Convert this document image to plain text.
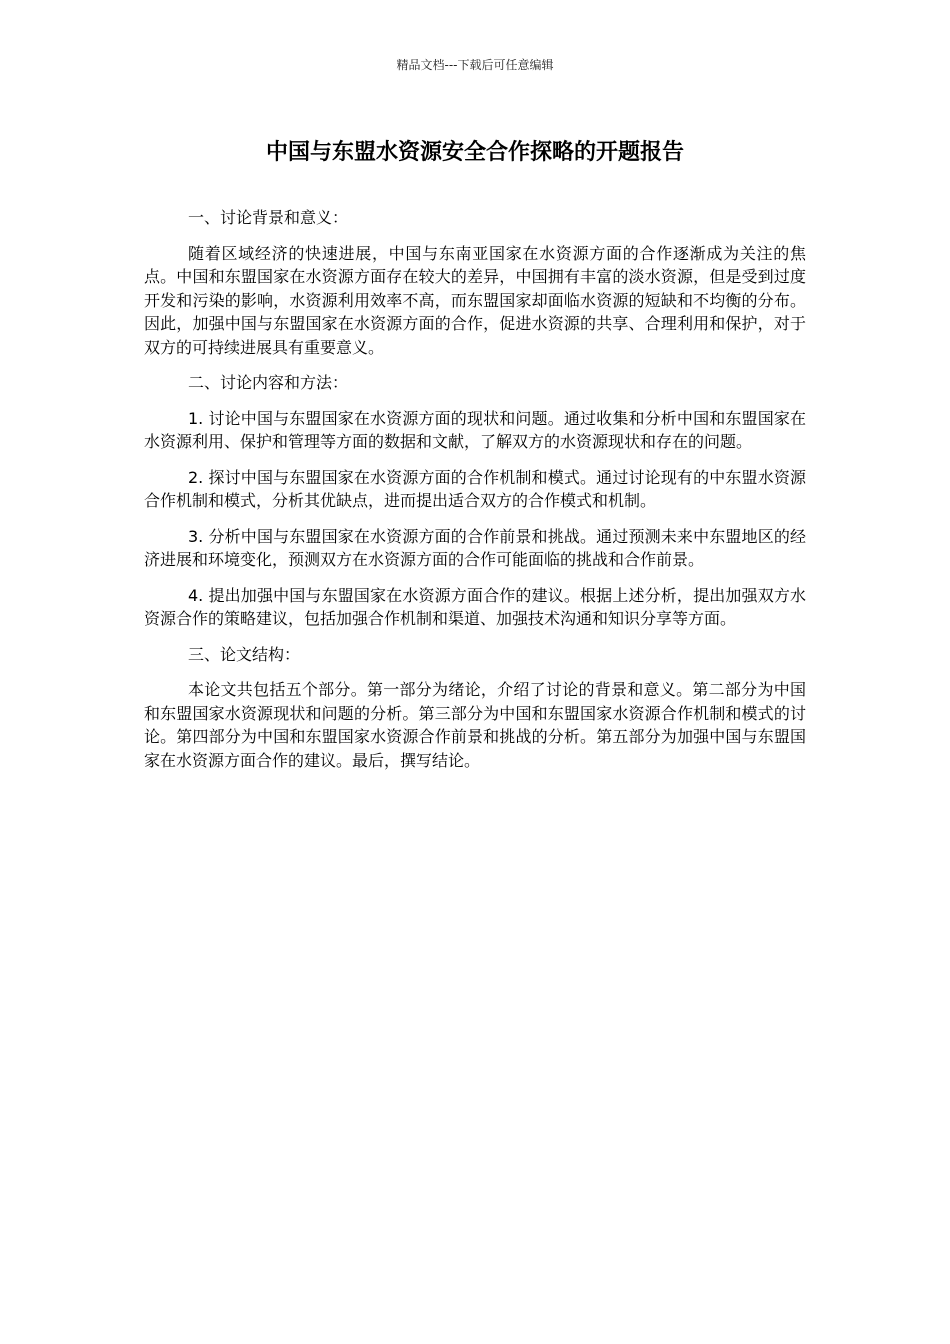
精品文档---下载后可任意编辑
中国与东盟水资源安全合作探略的开题报告

一、讨论背景和意义：

随着区域经济的快速进展，中国与东南亚国家在水资源方面的合作逐渐成为关注的焦点。中国和东盟国家在水资源方面存在较大的差异，中国拥有丰富的淡水资源，但是受到过度开发和污染的影响，水资源利用效率不高，而东盟国家却面临水资源的短缺和不均衡的分布。因此，加强中国与东盟国家在水资源方面的合作，促进水资源的共享、合理利用和保护，对于双方的可持续进展具有重要意义。

二、讨论内容和方法：

1. 讨论中国与东盟国家在水资源方面的现状和问题。通过收集和分析中国和东盟国家在水资源利用、保护和管理等方面的数据和文献，了解双方的水资源现状和存在的问题。

2. 探讨中国与东盟国家在水资源方面的合作机制和模式。通过讨论现有的中东盟水资源合作机制和模式，分析其优缺点，进而提出适合双方的合作模式和机制。

3. 分析中国与东盟国家在水资源方面的合作前景和挑战。通过预测未来中东盟地区的经济进展和环境变化，预测双方在水资源方面的合作可能面临的挑战和合作前景。

4. 提出加强中国与东盟国家在水资源方面合作的建议。根据上述分析，提出加强双方水资源合作的策略建议，包括加强合作机制和渠道、加强技术沟通和知识分享等方面。

三、论文结构：

本论文共包括五个部分。第一部分为绪论，介绍了讨论的背景和意义。第二部分为中国和东盟国家水资源现状和问题的分析。第三部分为中国和东盟国家水资源合作机制和模式的讨论。第四部分为中国和东盟国家水资源合作前景和挑战的分析。第五部分为加强中国与东盟国家在水资源方面合作的建议。最后，撰写结论。
